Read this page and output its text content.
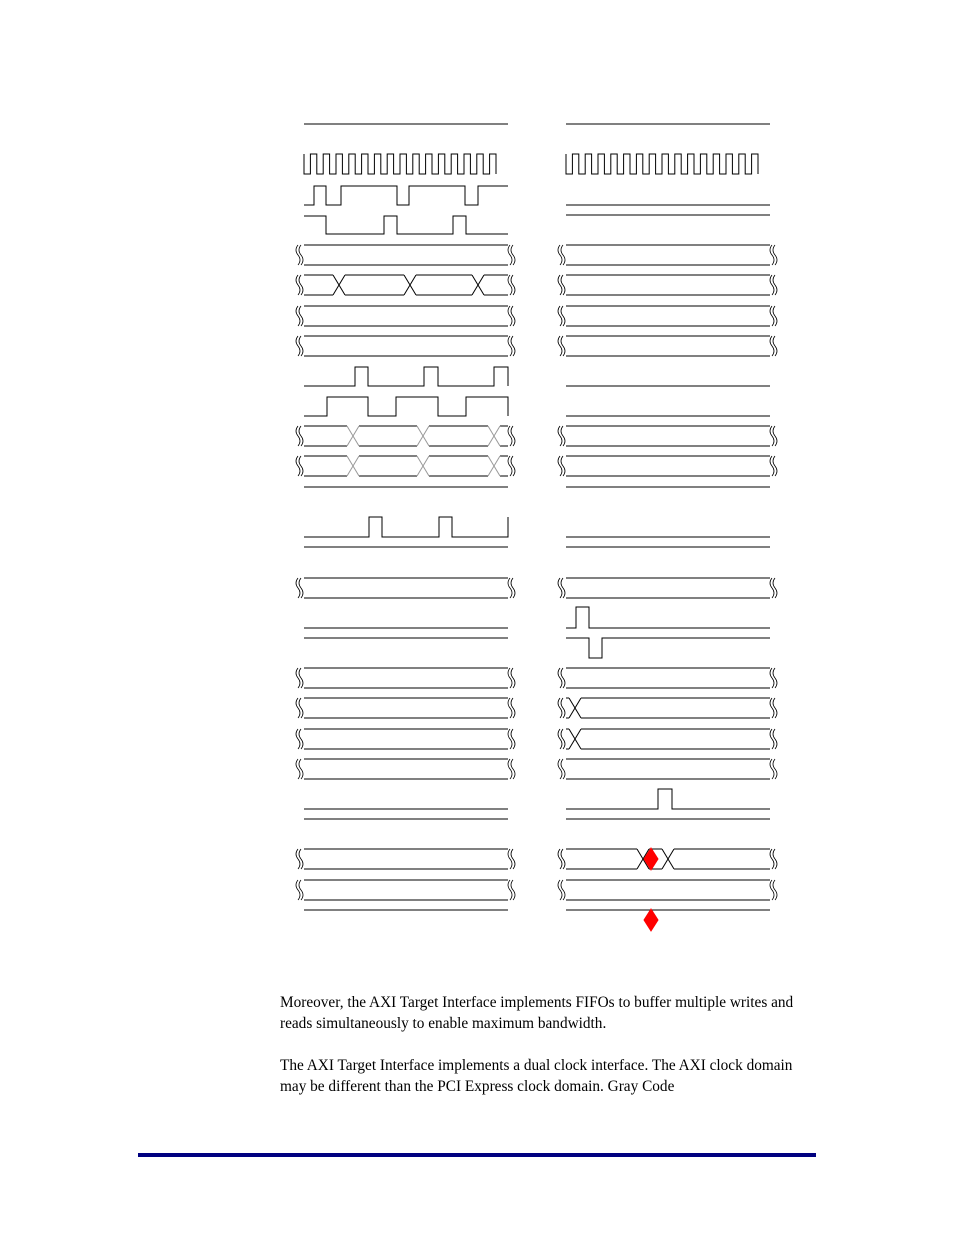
Moreover, the AXI Target Interface implements FIFOs to buffer multiple writes and reads simultaneously to enable maximum bandwidth.

The AXI Target Interface implements a dual clock interface. The AXI clock domain may be different than the PCI Express clock domain. Gray Code
